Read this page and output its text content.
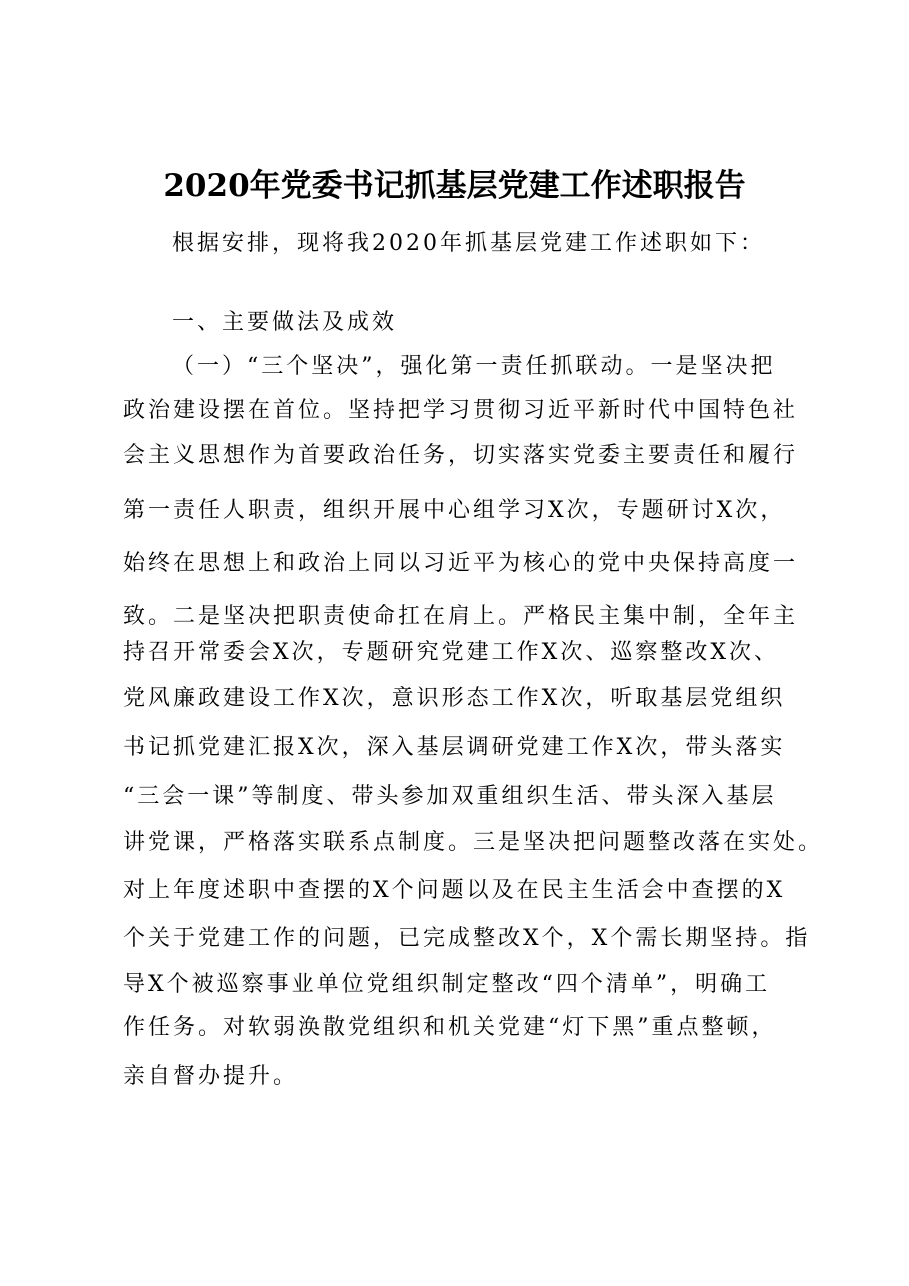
2020年党委书记抓基层党建工作述职报告
根据安排，现将我2020年抓基层党建工作述职如下：
一、主要做法及成效
（一）“三个坚决”，强化第一责任抓联动。一是坚决把
政治建设摆在首位。坚持把学习贯彻习近平新时代中国特色社
会主义思想作为首要政治任务，切实落实党委主要责任和履行
第一责任人职责，组织开展中心组学习X次，专题研讨X次，
始终在思想上和政治上同以习近平为核心的党中央保持高度一
致。二是坚决把职责使命扛在肩上。严格民主集中制，全年主
持召开常委会X次，专题研究党建工作X次、巡察整改X次、
党风廉政建设工作X次，意识形态工作X次，听取基层党组织
书记抓党建汇报X次，深入基层调研党建工作X次，带头落实
“三会一课”等制度、带头参加双重组织生活、带头深入基层
讲党课，严格落实联系点制度。三是坚决把问题整改落在实处。
对上年度述职中查摆的X个问题以及在民主生活会中查摆的X
个关于党建工作的问题，已完成整改X个，X个需长期坚持。指
导X个被巡察事业单位党组织制定整改“四个清单”，明确工
作任务。对软弱涣散党组织和机关党建“灯下黑”重点整顿，
亲自督办提升。
